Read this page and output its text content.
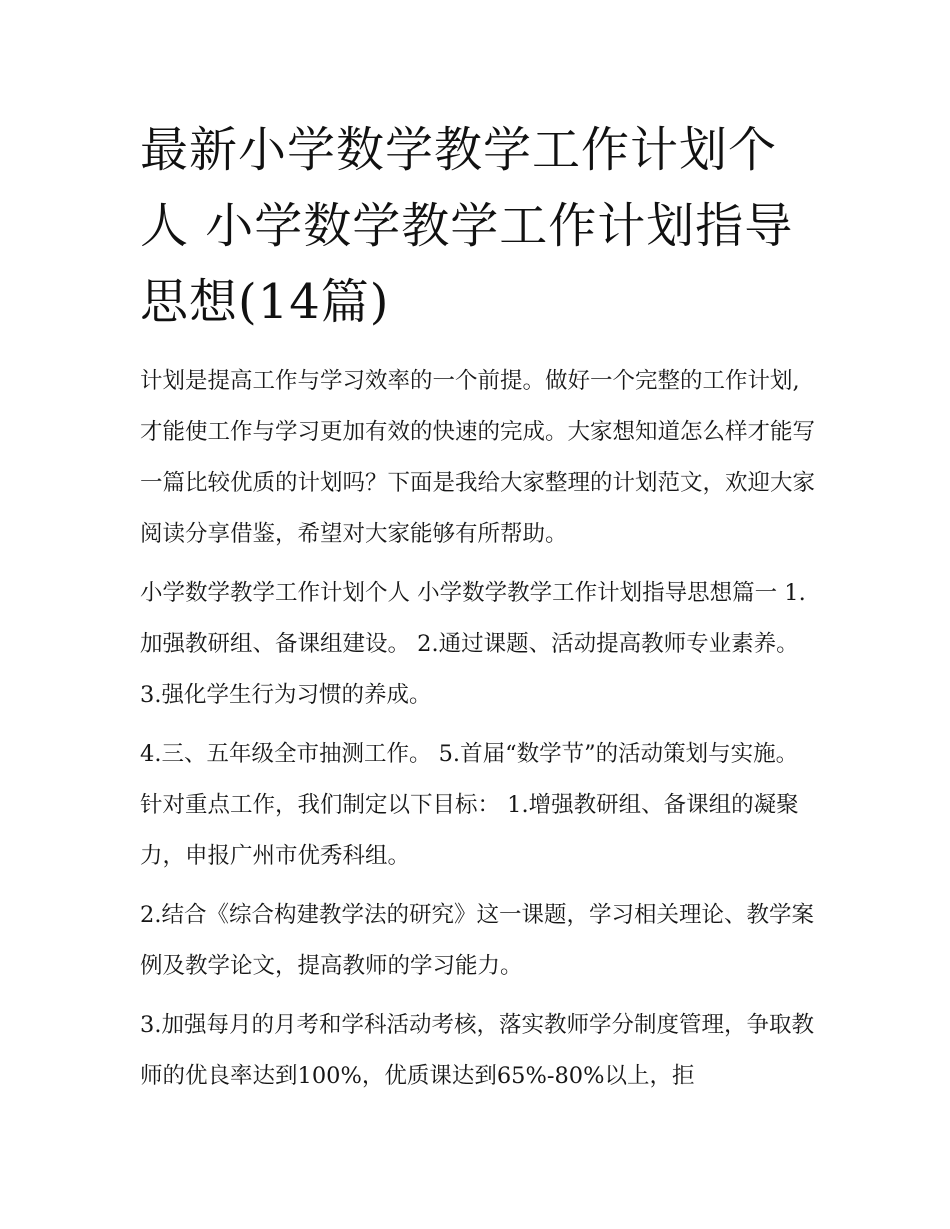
最新小学数学教学工作计划个人 小学数学教学工作计划指导思想(14篇)

计划是提高工作与学习效率的一个前提。做好一个完整的工作计划,才能使工作与学习更加有效的快速的完成。大家想知道怎么样才能写一篇比较优质的计划吗？下面是我给大家整理的计划范文，欢迎大家阅读分享借鉴，希望对大家能够有所帮助。

小学数学教学工作计划个人 小学数学教学工作计划指导思想篇一 1.加强教研组、备课组建设。 2.通过课题、活动提高教师专业素养。 3.强化学生行为习惯的养成。

4.三、五年级全市抽测工作。 5.首届“数学节”的活动策划与实施。 针对重点工作，我们制定以下目标： 1.增强教研组、备课组的凝聚力，申报广州市优秀科组。

2.结合《综合构建教学法的研究》这一课题，学习相关理论、教学案例及教学论文，提高教师的学习能力。

3.加强每月的月考和学科活动考核，落实教师学分制度管理，争取教师的优良率达到100%，优质课达到65%-80%以上，拒
